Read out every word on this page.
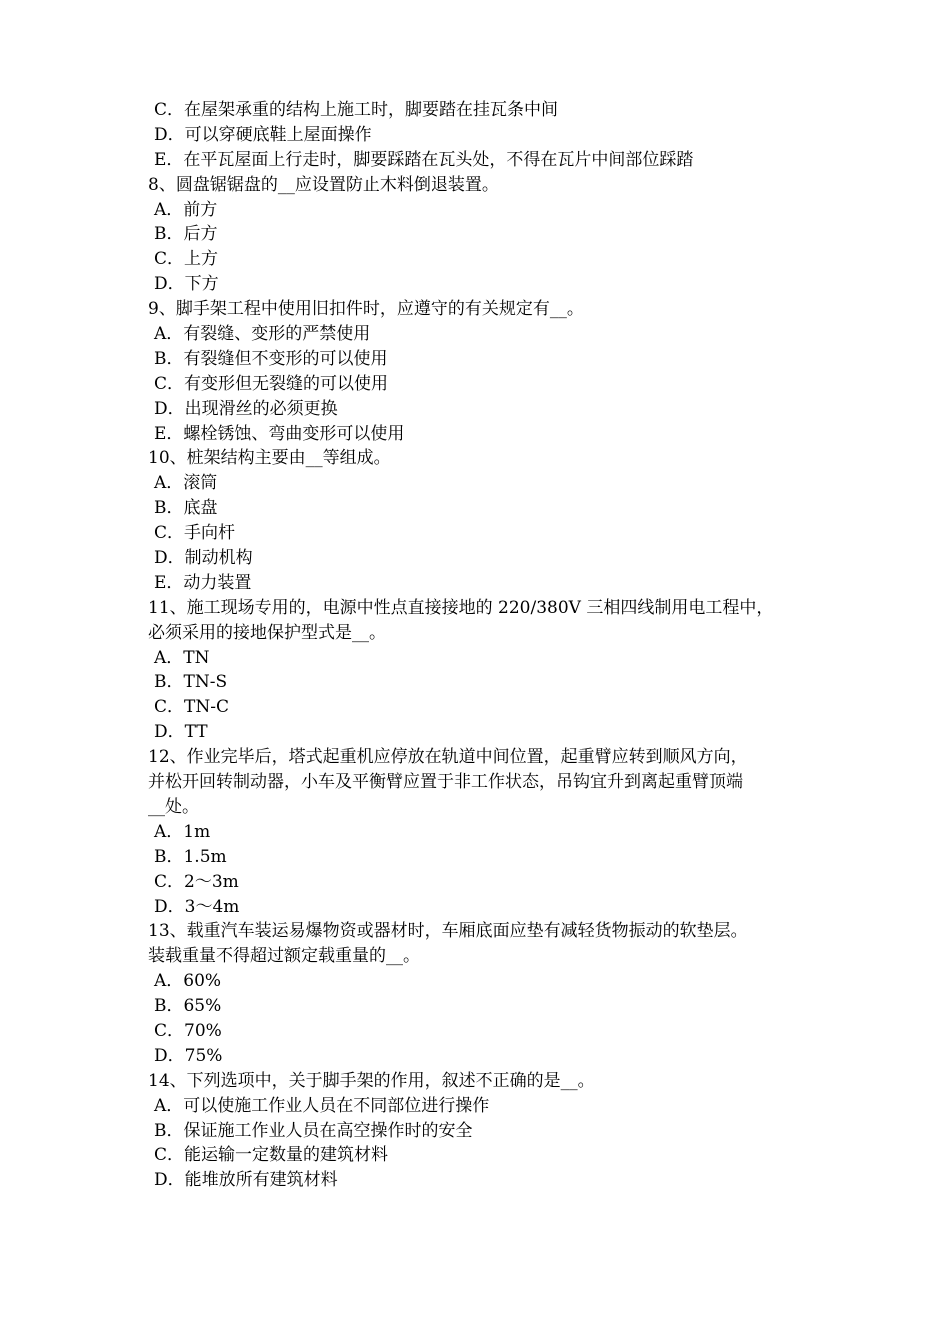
C．在屋架承重的结构上施工时，脚要踏在挂瓦条中间
D．可以穿硬底鞋上屋面操作
E．在平瓦屋面上行走时，脚要踩踏在瓦头处，不得在瓦片中间部位踩踏
8、圆盘锯锯盘的__应设置防止木料倒退装置。
A．前方
B．后方
C．上方
D．下方
9、脚手架工程中使用旧扣件时，应遵守的有关规定有__。
A．有裂缝、变形的严禁使用
B．有裂缝但不变形的可以使用
C．有变形但无裂缝的可以使用
D．出现滑丝的必须更换
E．螺栓锈蚀、弯曲变形可以使用
10、桩架结构主要由__等组成。
A．滚筒
B．底盘
C．手向杆
D．制动机构
E．动力装置
11、施工现场专用的，电源中性点直接接地的 220/380V 三相四线制用电工程中，
必须采用的接地保护型式是__。
A．TN
B．TN-S
C．TN-C
D．TT
12、作业完毕后，塔式起重机应停放在轨道中间位置，起重臂应转到顺风方向，
并松开回转制动器，小车及平衡臂应置于非工作状态，吊钩宜升到离起重臂顶端
__处。
A．1m
B．1.5m
C．2～3m
D．3～4m
13、载重汽车装运易爆物资或器材时，车厢底面应垫有减轻货物振动的软垫层。
装载重量不得超过额定载重量的__。
A．60%
B．65%
C．70%
D．75%
14、下列选项中，关于脚手架的作用，叙述不正确的是__。
A．可以使施工作业人员在不同部位进行操作
B．保证施工作业人员在高空操作时的安全
C．能运输一定数量的建筑材料
D．能堆放所有建筑材料
